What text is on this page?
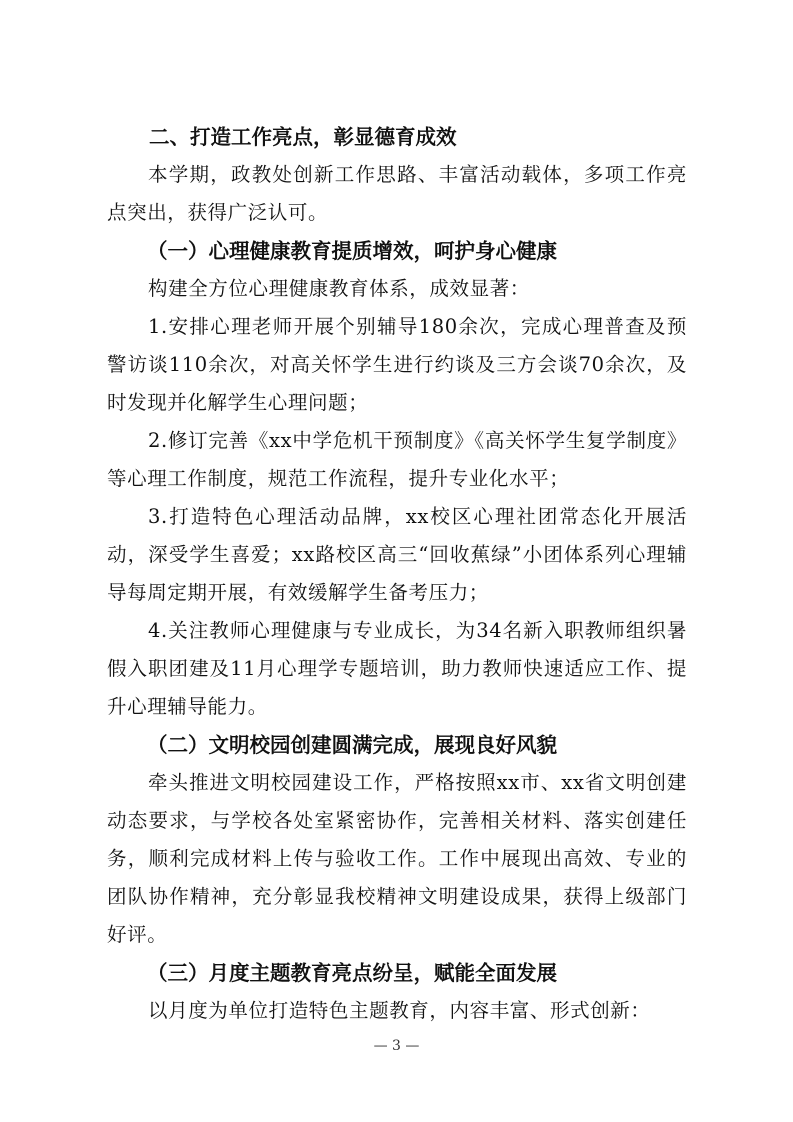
二、打造工作亮点，彰显德育成效

本学期，政教处创新工作思路、丰富活动载体，多项工作亮点突出，获得广泛认可。

（一）心理健康教育提质增效，呵护身心健康

构建全方位心理健康教育体系，成效显著：

1.安排心理老师开展个别辅导180余次，完成心理普查及预警访谈110余次，对高关怀学生进行约谈及三方会谈70余次，及时发现并化解学生心理问题；

2.修订完善《xx中学危机干预制度》《高关怀学生复学制度》等心理工作制度，规范工作流程，提升专业化水平；

3.打造特色心理活动品牌，xx校区心理社团常态化开展活动，深受学生喜爱；xx路校区高三“回收蕉绿”小团体系列心理辅导每周定期开展，有效缓解学生备考压力；

4.关注教师心理健康与专业成长，为34名新入职教师组织暑假入职团建及11月心理学专题培训，助力教师快速适应工作、提升心理辅导能力。

（二）文明校园创建圆满完成，展现良好风貌

牵头推进文明校园建设工作，严格按照xx市、xx省文明创建动态要求，与学校各处室紧密协作，完善相关材料、落实创建任务，顺利完成材料上传与验收工作。工作中展现出高效、专业的团队协作精神，充分彰显我校精神文明建设成果，获得上级部门好评。

（三）月度主题教育亮点纷呈，赋能全面发展

以月度为单位打造特色主题教育，内容丰富、形式创新：

— 3 —
